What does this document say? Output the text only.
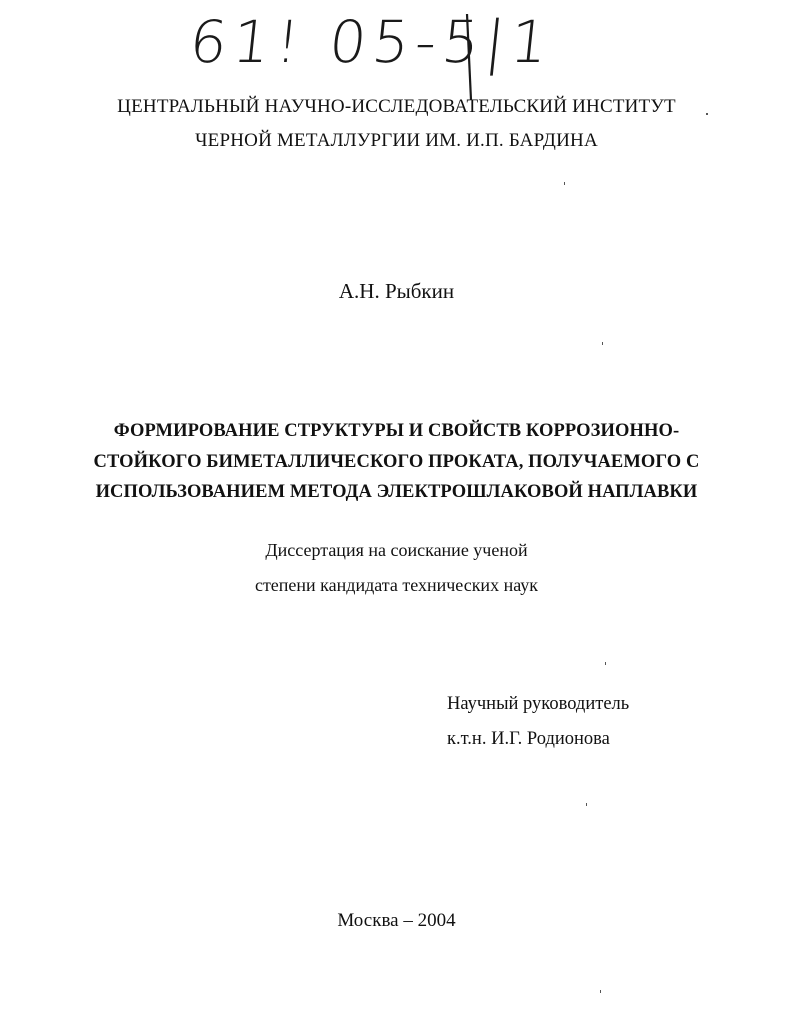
61! 05-5|1
ЦЕНТРАЛЬНЫЙ НАУЧНО-ИССЛЕДОВАТЕЛЬСКИЙ ИНСТИТУТ
ЧЕРНОЙ МЕТАЛЛУРГИИ ИМ. И.П. БАРДИНА
А.Н. Рыбкин
ФОРМИРОВАНИЕ СТРУКТУРЫ И СВОЙСТВ КОРРОЗИОННО-
СТОЙКОГО БИМЕТАЛЛИЧЕСКОГО ПРОКАТА, ПОЛУЧАЕМОГО С
ИСПОЛЬЗОВАНИЕМ МЕТОДА ЭЛЕКТРОШЛАКОВОЙ НАПЛАВКИ
Диссертация на соискание ученой
степени кандидата технических наук
Научный руководитель
к.т.н. И.Г. Родионова
Москва – 2004
